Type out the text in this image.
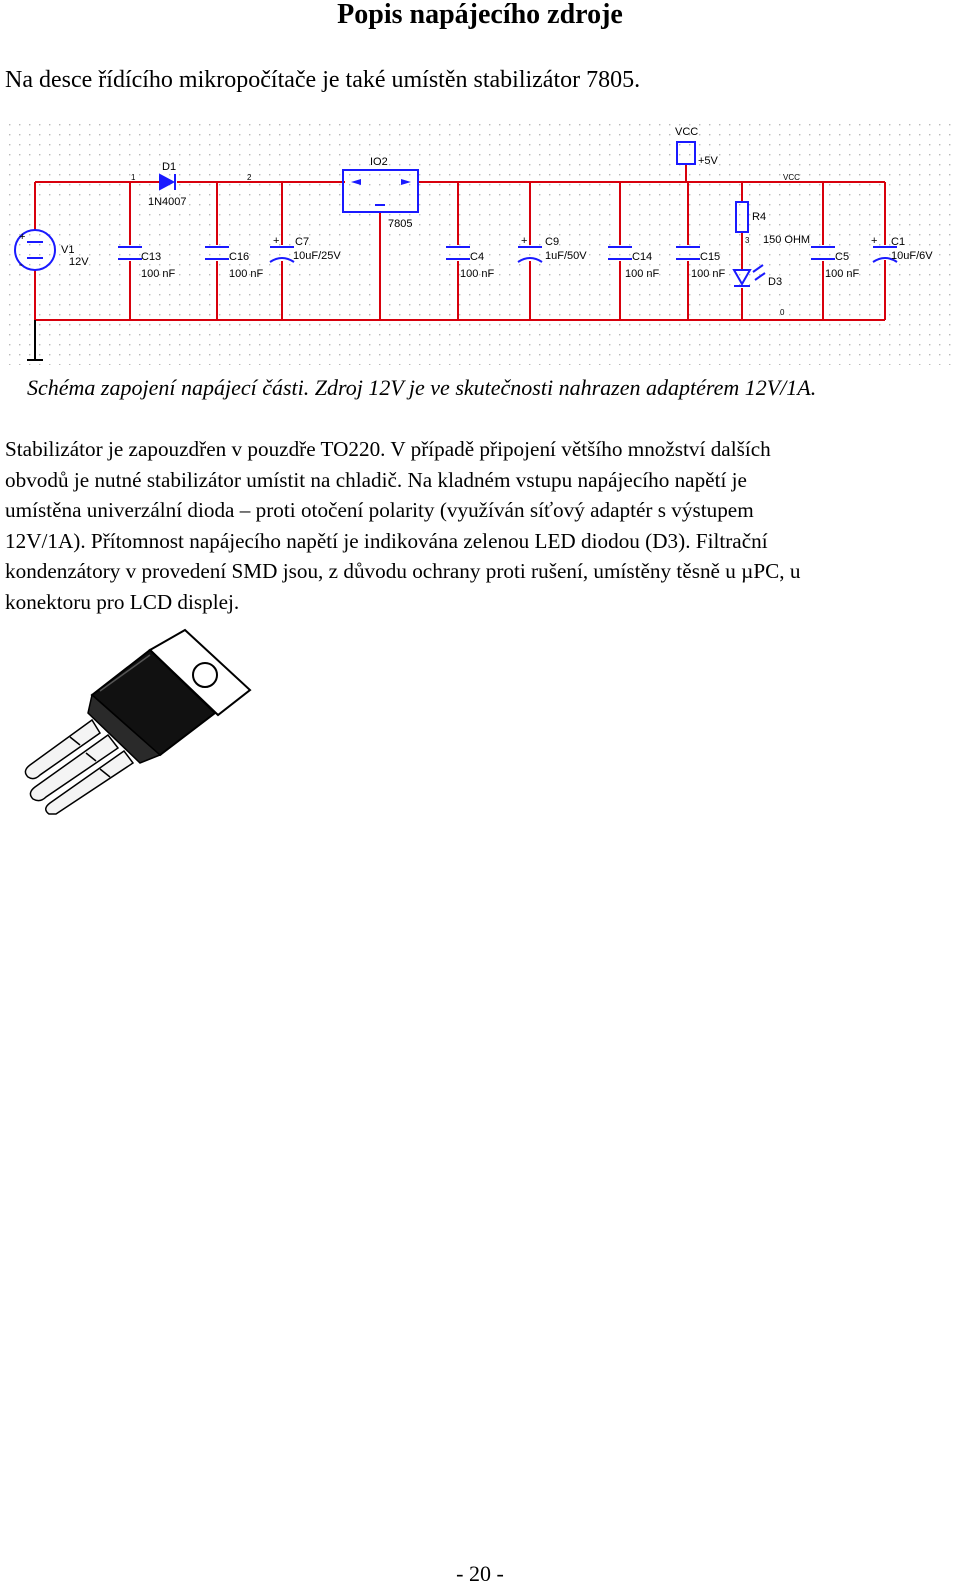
Popis napájecího zdroje
Na desce řídícího mikropočítače je také umístěn stabilizátor 7805.
VCC
+5V
VCC
1	2
3
0
V1
12V
+
-
D1
1N4007
IO2
7805
C13
100 nF
C16
100 nF
+ C7
10uF/25V	C4
100 nF
+ C9
1uF/50V	C14
100 nF
C15
100 nF
R4
150 OHM
D3
C5
100 nF
+ C1
10uF/6V
Schéma zapojení napájecí části. Zdroj 12V je ve skutečnosti nahrazen adaptérem 12V/1A.
Stabilizátor je zapouzdřen v pouzdře TO220. V případě připojení většího množství dalších
obvodů je nutné stabilizátor umístit na chladič. Na kladném vstupu napájecího napětí je
umístěna univerzální dioda – proti otočení polarity (využíván síťový adaptér s výstupem
12V/1A). Přítomnost napájecího napětí je indikována zelenou LED diodou (D3). Filtrační
kondenzátory v provedení SMD jsou, z důvodu ochrany proti rušení, umístěny těsně u µPC, u
konektoru pro LCD displej.
- 20 -
